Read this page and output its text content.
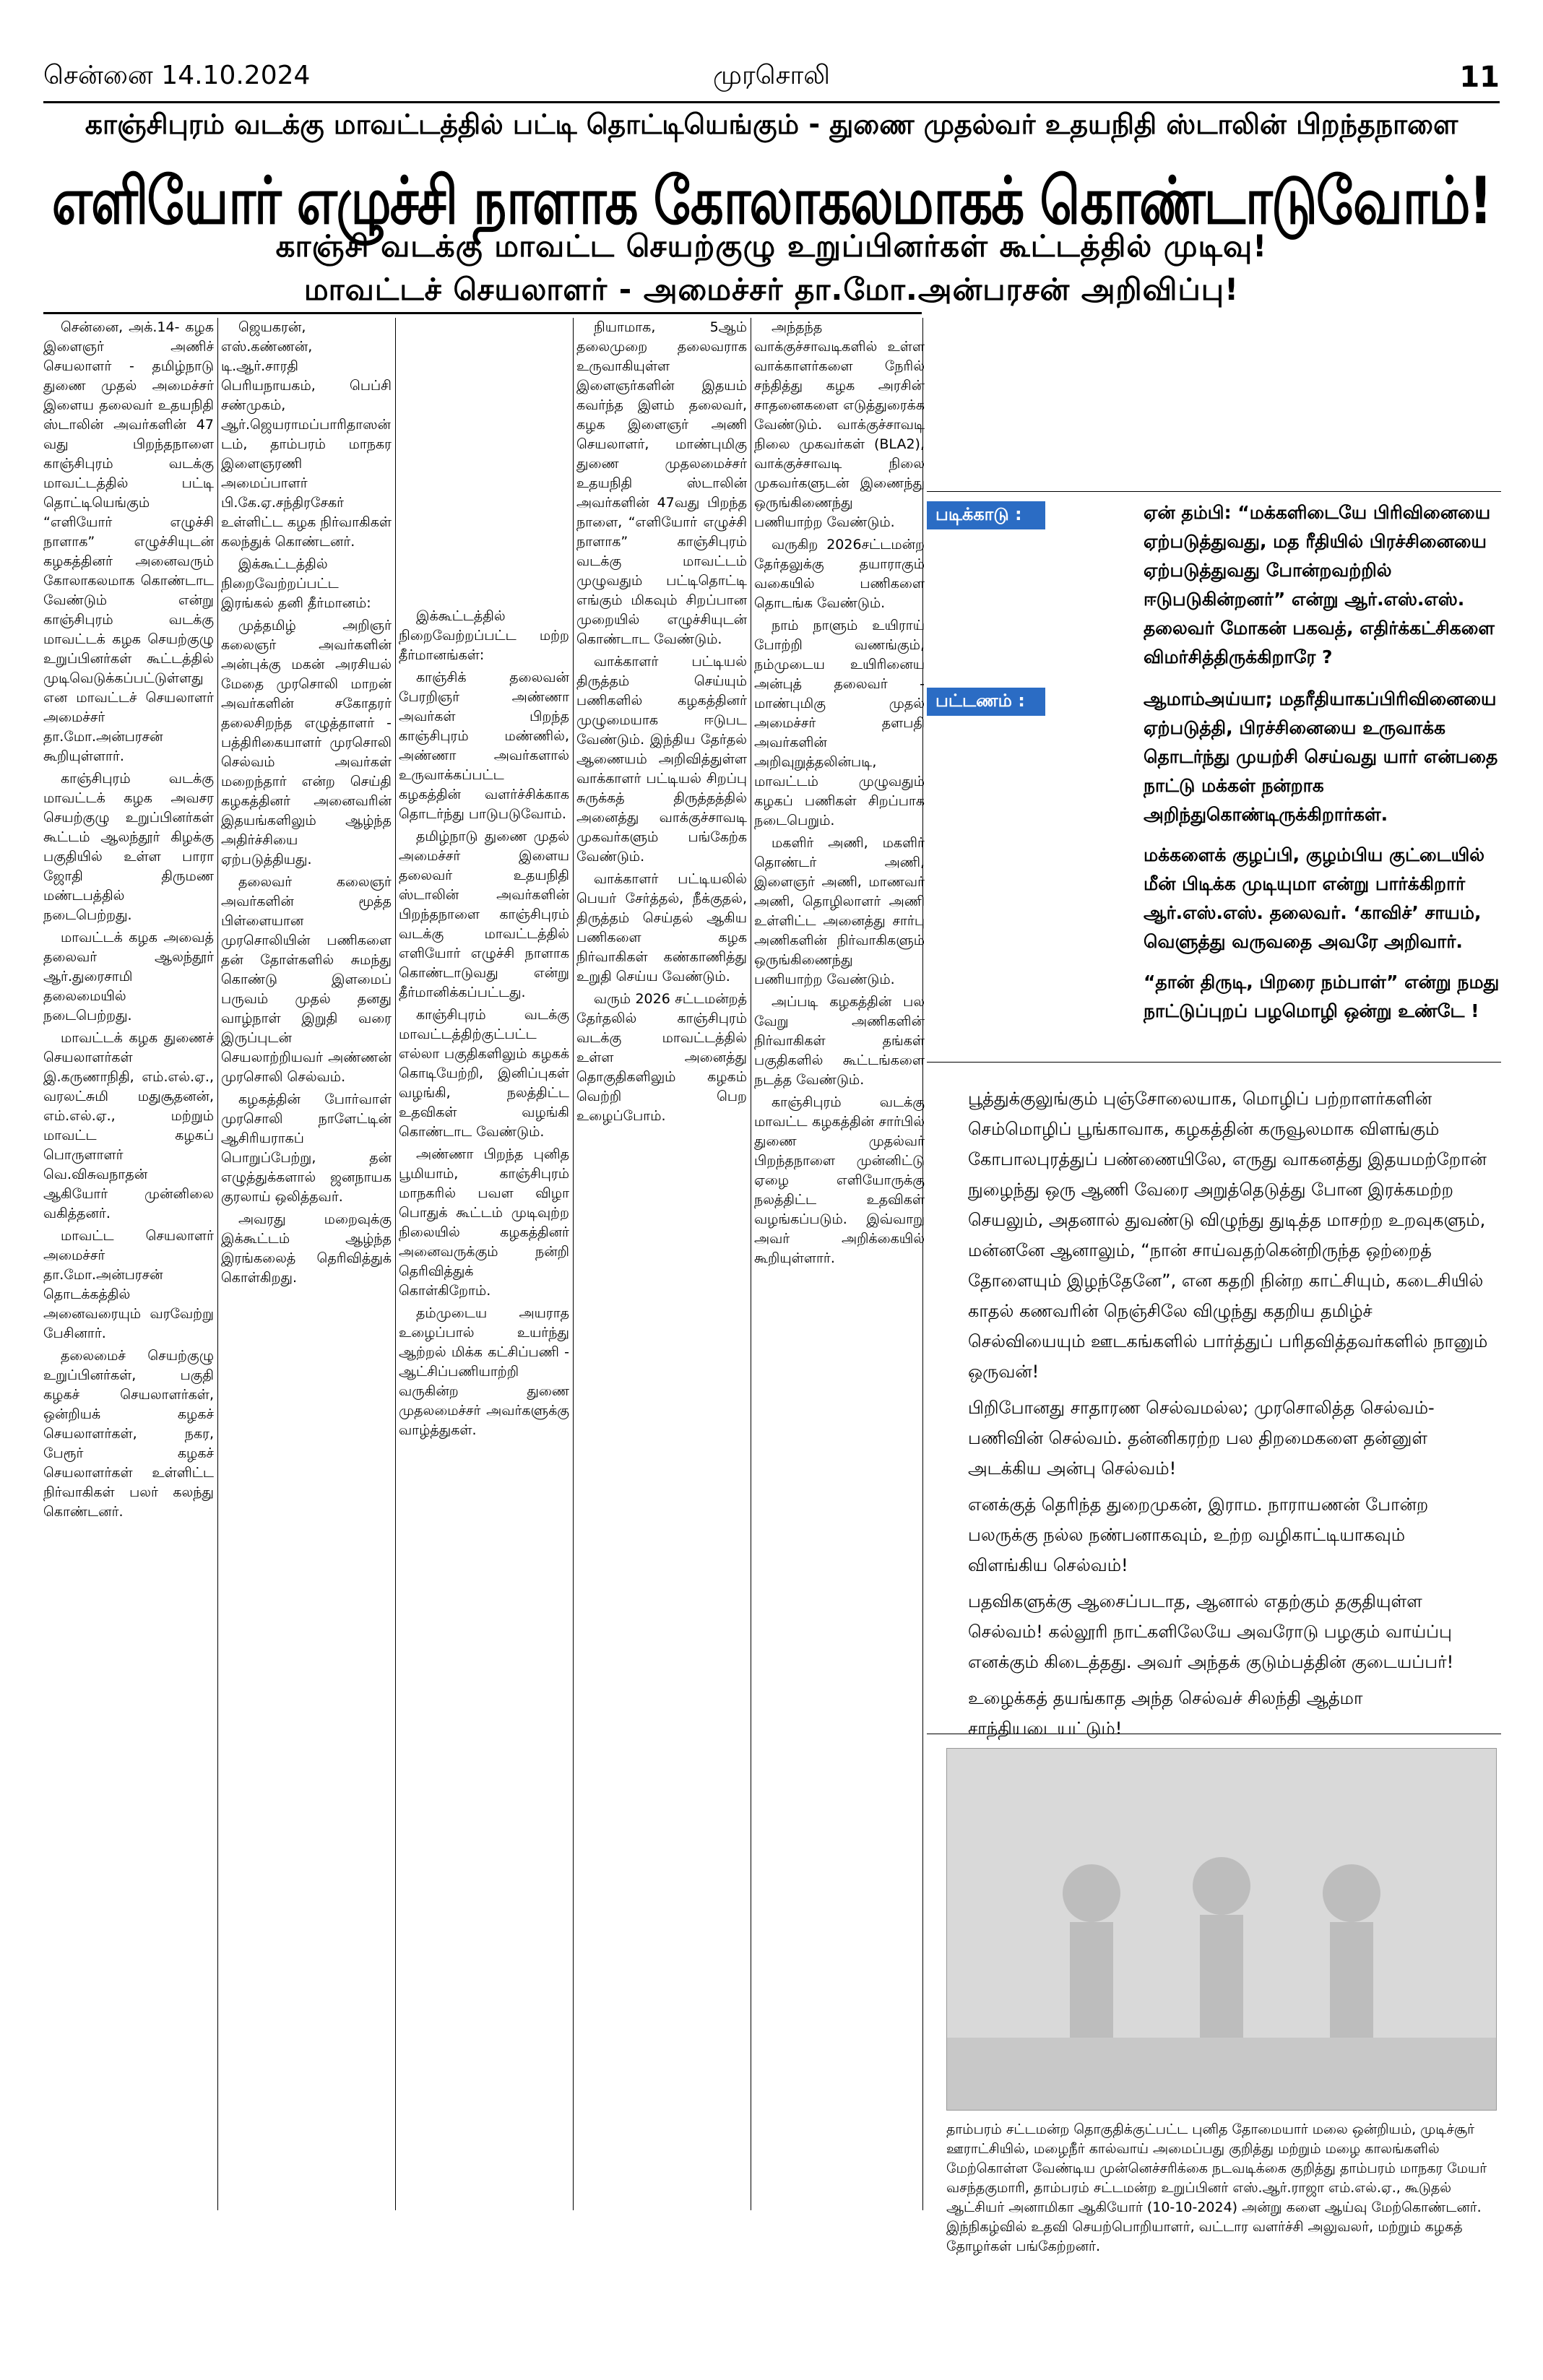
சென்னை 14.10.2024	முரசொலி	11
காஞ்சிபுரம் வடக்கு மாவட்டத்தில் பட்டி தொட்டியெங்கும் - துணை முதல்வர் உதயநிதி ஸ்டாலின் பிறந்தநாளை
எளியோர் எழுச்சி நாளாக கோலாகலமாகக் கொண்டாடுவோம்!
காஞ்சி வடக்கு மாவட்ட செயற்குழு உறுப்பினர்கள் கூட்டத்தில் முடிவு!
மாவட்டச் செயலாளர் - அமைச்சர் தா.மோ.அன்பரசன் அறிவிப்பு!

சென்னை, அக்.14- கழக இளைஞர் அணிச் செயலாளர் - தமிழ்நாடு துணை முதல் அமைச்சர் இளைய தலைவர் உதயநிதி ஸ்டாலின் அவர்களின் 47 வது பிறந்தநாளை காஞ்சிபுரம் வடக்கு மாவட்டத்தில் பட்டி தொட்டியெங்கும் “எளியோர் எழுச்சி நாளாக” எழுச்சியுடன் கழகத்தினர் அனைவரும் கோலாகலமாக கொண்டாட வேண்டும் என்று காஞ்சிபுரம் வடக்கு மாவட்டக் கழக செயற்குழு உறுப்பினர்கள் கூட்டத்தில் முடிவெடுக்கப்பட்டுள்ளது என மாவட்டச் செயலாளர் அமைச்சர் தா.மோ.அன்பரசன் கூறியுள்ளார்.

காஞ்சிபுரம் வடக்கு மாவட்டக் கழக அவசர செயற்குழு உறுப்பினர்கள் கூட்டம் ஆலந்தூர் கிழக்கு பகுதியில் உள்ள பாரா ஜோதி திருமண மண்டபத்தில் நடைபெற்றது.

மாவட்டக் கழக அவைத் தலைவர் ஆலந்தூர் ஆர்.துரைசாமி தலைமையில் நடைபெற்றது.

மாவட்டக் கழக துணைச் செயலாளர்கள் இ.கருணாநிதி, எம்.எல்.ஏ., வரலட்சுமி மதுசூதனன், எம்.எல்.ஏ., மற்றும் மாவட்ட கழகப் பொருளாளர் வெ.விசுவநாதன் ஆகியோர் முன்னிலை வகித்தனர்.

மாவட்ட செயலாளர் அமைச்சர் தா.மோ.அன்பரசன் தொடக்கத்தில் அனைவரையும் வரவேற்று பேசினார்.

தலைமைச் செயற்குழு உறுப்பினர்கள், பகுதி கழகச் செயலாளர்கள், ஒன்றியக் கழகச் செயலாளர்கள், நகர, பேரூர் கழகச் செயலாளர்கள் உள்ளிட்ட நிர்வாகிகள் பலர் கலந்து கொண்டனர்.

ஜெயகரன், எஸ்.கண்ணன், டி.ஆர்.சாரதி பெரியநாயகம், பெப்சி சண்முகம், ஆர்.ஜெயராமப்பாரிதாஸன் டம், தாம்பரம் மாநகர இளைஞரணி அமைப்பாளர் பி.கே.ஏ.சந்திரசேகர் உள்ளிட்ட கழக நிர்வாகிகள் கலந்துக் கொண்டனர்.

இக்கூட்டத்தில் நிறைவேற்றப்பட்ட இரங்கல் தனி தீர்மானம்:

முத்தமிழ் அறிஞர் கலைஞர் அவர்களின் அன்புக்கு மகன் அரசியல் மேதை முரசொலி மாறன் அவர்களின் சகோதரர் தலைசிறந்த எழுத்தாளர் - பத்திரிகையாளர் முரசொலி செல்வம் அவர்கள் மறைந்தார் என்ற செய்தி கழகத்தினர் அனைவரின் இதயங்களிலும் ஆழ்ந்த அதிர்ச்சியை ஏற்படுத்தியது.

தலைவர் கலைஞர் அவர்களின் மூத்த பிள்ளையான முரசொலியின் பணிகளை தன் தோள்களில் சுமந்து கொண்டு இளமைப் பருவம் முதல் தனது வாழ்நாள் இறுதி வரை இருப்புடன் செயலாற்றியவர் அண்ணன் முரசொலி செல்வம்.

கழகத்தின் போர்வாள் முரசொலி நாளேட்டின் ஆசிரியராகப் பொறுப்பேற்று, தன் எழுத்துக்களால் ஜனநாயக குரலாய் ஒலித்தவர்.

அவரது மறைவுக்கு இக்கூட்டம் ஆழ்ந்த இரங்கலைத் தெரிவித்துக் கொள்கிறது.

இக்கூட்டத்தில் நிறைவேற்றப்பட்ட மற்ற தீர்மானங்கள்:

காஞ்சிக் தலைவன் பேரறிஞர் அண்ணா அவர்கள் பிறந்த காஞ்சிபுரம் மண்ணில், அண்ணா அவர்களால் உருவாக்கப்பட்ட கழகத்தின் வளர்ச்சிக்காக தொடர்ந்து பாடுபடுவோம்.

தமிழ்நாடு துணை முதல் அமைச்சர் இளைய தலைவர் உதயநிதி ஸ்டாலின் அவர்களின் பிறந்தநாளை காஞ்சிபுரம் வடக்கு மாவட்டத்தில் எளியோர் எழுச்சி நாளாக கொண்டாடுவது என்று தீர்மானிக்கப்பட்டது.

காஞ்சிபுரம் வடக்கு மாவட்டத்திற்குட்பட்ட எல்லா பகுதிகளிலும் கழகக் கொடியேற்றி, இனிப்புகள் வழங்கி, நலத்திட்ட உதவிகள் வழங்கி கொண்டாட வேண்டும்.

அண்ணா பிறந்த புனித பூமியாம், காஞ்சிபுரம் மாநகரில் பவள விழா பொதுக் கூட்டம் முடிவுற்ற நிலையில் கழகத்தினர் அனைவருக்கும் நன்றி தெரிவித்துக் கொள்கிறோம்.

தம்முடைய அயராத உழைப்பால் உயர்ந்து ஆற்றல் மிக்க கட்சிப்பணி - ஆட்சிப்பணியாற்றி வருகின்ற துணை முதலமைச்சர் அவர்களுக்கு வாழ்த்துகள்.

நியாமாக, 5ஆம் தலைமுறை தலைவராக உருவாகியுள்ள இளைஞர்களின் இதயம் கவர்ந்த இளம் தலைவர், கழக இளைஞர் அணி செயலாளர், மாண்புமிகு துணை முதலமைச்சர் உதயநிதி ஸ்டாலின் அவர்களின் 47வது பிறந்த நாளை, “எளியோர் எழுச்சி நாளாக” காஞ்சிபுரம் வடக்கு மாவட்டம் முழுவதும் பட்டிதொட்டி எங்கும் மிகவும் சிறப்பான முறையில் எழுச்சியுடன் கொண்டாட வேண்டும்.

வாக்காளர் பட்டியல் திருத்தம் செய்யும் பணிகளில் கழகத்தினர் முழுமையாக ஈடுபட வேண்டும். இந்திய தேர்தல் ஆணையம் அறிவித்துள்ள வாக்காளர் பட்டியல் சிறப்பு சுருக்கத் திருத்தத்தில் அனைத்து வாக்குச்சாவடி முகவர்களும் பங்கேற்க வேண்டும்.

வாக்காளர் பட்டியலில் பெயர் சேர்த்தல், நீக்குதல், திருத்தம் செய்தல் ஆகிய பணிகளை கழக நிர்வாகிகள் கண்காணித்து உறுதி செய்ய வேண்டும்.

வரும் 2026 சட்டமன்றத் தேர்தலில் காஞ்சிபுரம் வடக்கு மாவட்டத்தில் உள்ள அனைத்து தொகுதிகளிலும் கழகம் வெற்றி பெற உழைப்போம்.

அந்தந்த வாக்குச்சாவடிகளில் உள்ள வாக்காளர்களை நேரில் சந்தித்து கழக அரசின் சாதனைகளை எடுத்துரைக்க வேண்டும். வாக்குச்சாவடி நிலை முகவர்கள் (BLA2), வாக்குச்சாவடி நிலை முகவர்களுடன் இணைந்து ஒருங்கிணைந்து பணியாற்ற வேண்டும்.

வருகிற 2026சட்டமன்ற தேர்தலுக்கு தயாராகும் வகையில் பணிகளை தொடங்க வேண்டும்.

நாம் நாளும் உயிராய் போற்றி வணங்கும், நம்முடைய உயிரினைய அன்புத் தலைவர் - மாண்புமிகு முதல் அமைச்சர் தளபதி அவர்களின் அறிவுறுத்தலின்படி, மாவட்டம் முழுவதும் கழகப் பணிகள் சிறப்பாக நடைபெறும்.

மகளிர் அணி, மகளிர் தொண்டர் அணி, இளைஞர் அணி, மாணவர் அணி, தொழிலாளர் அணி உள்ளிட்ட அனைத்து சார்பு அணிகளின் நிர்வாகிகளும் ஒருங்கிணைந்து பணியாற்ற வேண்டும்.

அப்படி கழகத்தின் பல வேறு அணிகளின் நிர்வாகிகள் தங்கள் பகுதிகளில் கூட்டங்களை நடத்த வேண்டும்.

காஞ்சிபுரம் வடக்கு மாவட்ட கழகத்தின் சார்பில் துணை முதல்வர் பிறந்தநாளை முன்னிட்டு ஏழை எளியோருக்கு நலத்திட்ட உதவிகள் வழங்கப்படும். இவ்வாறு அவர் அறிக்கையில் கூறியுள்ளார்.

படிக்காடு :	ஏன் தம்பி: “மக்களிடையே பிரிவினையை ஏற்படுத்துவது, மத ரீதியில் பிரச்சினையை ஏற்படுத்துவது போன்றவற்றில் ஈடுபடுகின்றனர்” என்று ஆர்.எஸ்.எஸ். தலைவர் மோகன் பகவத், எதிர்க்கட்சிகளை விமர்சித்திருக்கிறாரே ?
பட்டணம் :	ஆமாம்அய்யா; மதரீதியாகப்பிரிவினையை ஏற்படுத்தி, பிரச்சினையை உருவாக்க தொடர்ந்து முயற்சி செய்வது யார் என்பதை நாட்டு மக்கள் நன்றாக அறிந்துகொண்டிருக்கிறார்கள்.

மக்களைக் குழப்பி, குழம்பிய குட்டையில் மீன் பிடிக்க முடியுமா என்று பார்க்கிறார் ஆர்.எஸ்.எஸ். தலைவர். ‘காவிச்’ சாயம், வெளுத்து வருவதை அவரே அறிவார்.

“தான் திருடி, பிறரை நம்பாள்” என்று நமது நாட்டுப்புறப் பழமொழி ஒன்று உண்டே !

பூத்துக்குலுங்கும் புஞ்சோலையாக, மொழிப் பற்றாளர்களின் செம்மொழிப் பூங்காவாக, கழகத்தின் கருவூலமாக விளங்கும் கோபாலபுரத்துப் பண்ணையிலே, எருது வாகனத்து இதயமற்றோன் நுழைந்து ஒரு ஆணி வேரை அறுத்தெடுத்து போன இரக்கமற்ற செயலும், அதனால் துவண்டு விழுந்து துடித்த மாசற்ற உறவுகளும், மன்னனே ஆனாலும், “நான் சாய்வதற்கென்றிருந்த ஒற்றைத் தோளையும் இழந்தேனே”, என கதறி நின்ற காட்சியும், கடைசியில் காதல் கணவரின் நெஞ்சிலே விழுந்து கதறிய தமிழ்ச் செல்வியையும் ஊடகங்களில் பார்த்துப் பரிதவித்தவர்களில் நானும் ஒருவன்!

பிறிபோனது சாதாரண செல்வமல்ல; முரசொலித்த செல்வம்-பணிவின் செல்வம். தன்னிகரற்ற பல திறமைகளை தன்னுள் அடக்கிய அன்பு செல்வம்!

எனக்குத் தெரிந்த துறைமுகன், இராம. நாராயணன் போன்ற பலருக்கு நல்ல நண்பனாகவும், உற்ற வழிகாட்டியாகவும் விளங்கிய செல்வம்!

பதவிகளுக்கு ஆசைப்படாத, ஆனால் எதற்கும் தகுதியுள்ள செல்வம்! கல்லூரி நாட்களிலேயே அவரோடு பழகும் வாய்ப்பு எனக்கும் கிடைத்தது. அவர் அந்தக் குடும்பத்தின் குடையப்பர்!

உழைக்கத் தயங்காத அந்த செல்வச் சிலந்தி ஆத்மா சாந்தியடையட்டும்!

தாம்பரம் சட்டமன்ற தொகுதிக்குட்பட்ட புனித தோமையார் மலை ஒன்றியம், முடிச்சூர் ஊராட்சியில், மழைநீர் கால்வாய் அமைப்பது குறித்து மற்றும் மழை காலங்களில் மேற்கொள்ள வேண்டிய முன்னெச்சரிக்கை நடவடிக்கை குறித்து தாம்பரம் மாநகர மேயர் வசந்தகுமாரி, தாம்பரம் சட்டமன்ற உறுப்பினர் எஸ்.ஆர்.ராஜா எம்.எல்.ஏ., கூடுதல் ஆட்சியர் அனாமிகா ஆகியோர் (10-10-2024) அன்று களை ஆய்வு மேற்கொண்டனர். இந்நிகழ்வில் உதவி செயற்பொறியாளர், வட்டார வளர்ச்சி அலுவலர், மற்றும் கழகத் தோழர்கள் பங்கேற்றனர்.
